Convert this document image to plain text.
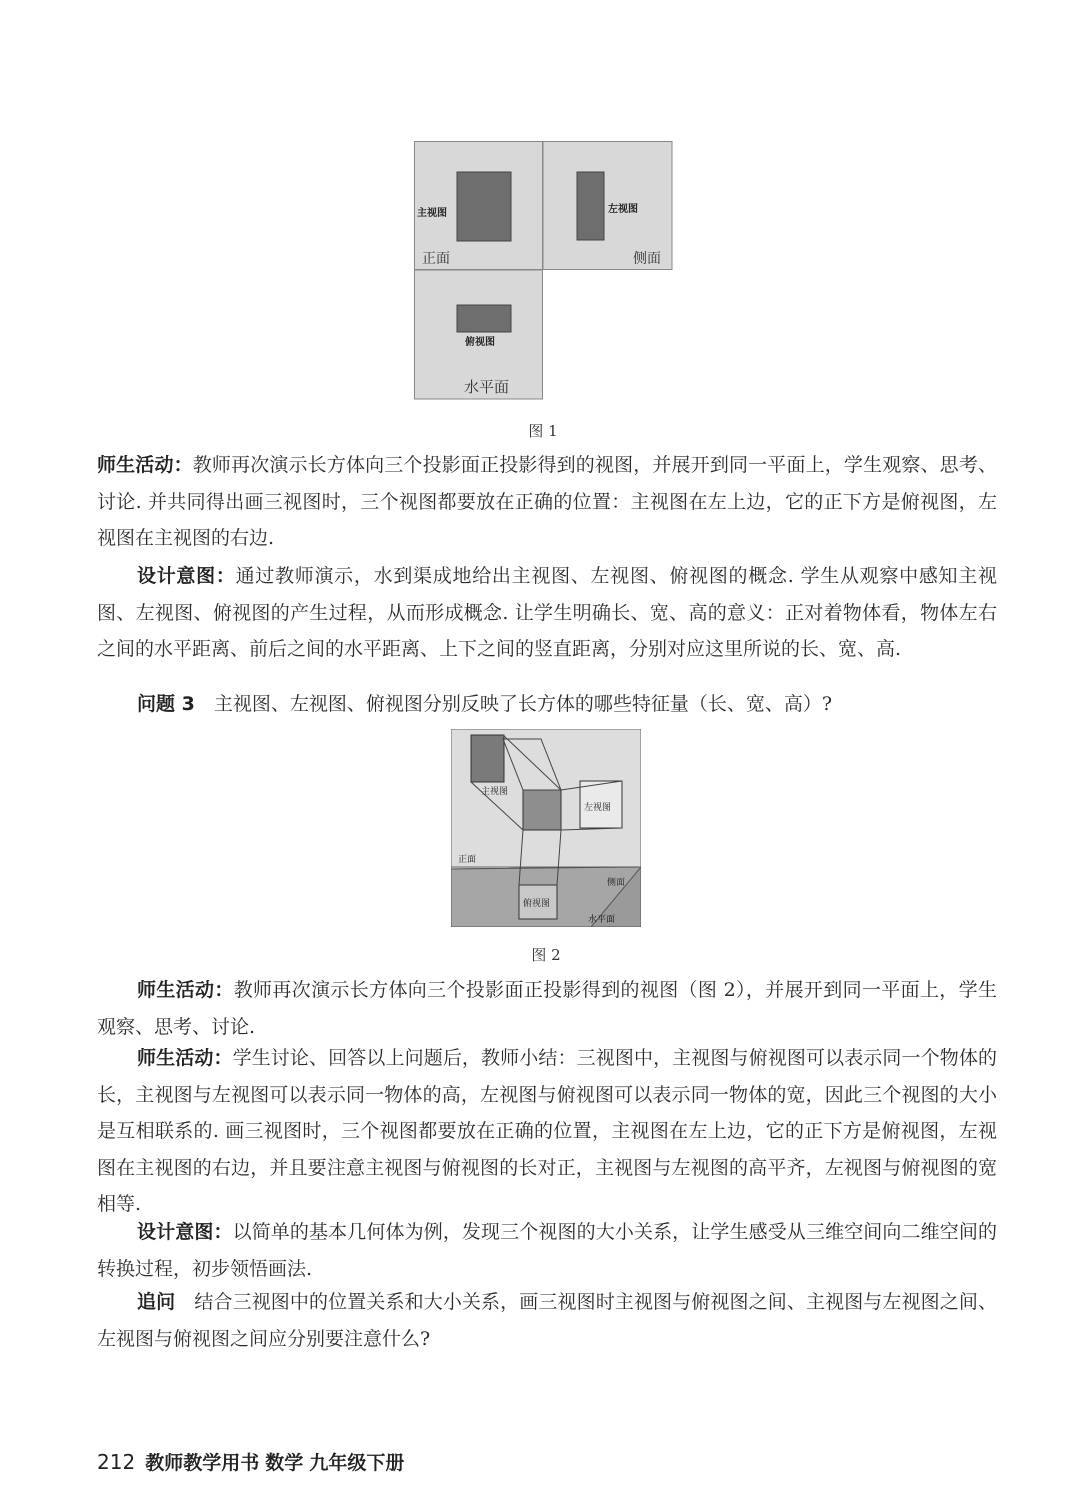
主视图	左视图
俯视图
正面	侧面
水平面
图 1

师生活动：教师再次演示长方体向三个投影面正投影得到的视图，并展开到同一平面上，学生观察、思考、讨论. 并共同得出画三视图时，三个视图都要放在正确的位置：主视图在左上边，它的正下方是俯视图，左视图在主视图的右边.

设计意图：通过教师演示，水到渠成地给出主视图、左视图、俯视图的概念. 学生从观察中感知主视图、左视图、俯视图的产生过程，从而形成概念. 让学生明确长、宽、高的意义：正对着物体看，物体左右之间的水平距离、前后之间的水平距离、上下之间的竖直距离，分别对应这里所说的长、宽、高.

问题 3　 主视图、左视图、俯视图分别反映了长方体的哪些特征量（长、宽、高）?

主视图
左视图
俯视图
正面
侧面
水平面
图 2

师生活动：教师再次演示长方体向三个投影面正投影得到的视图（图 2），并展开到同一平面上，学生观察、思考、讨论.

师生活动：学生讨论、回答以上问题后，教师小结：三视图中，主视图与俯视图可以表示同一个物体的长，主视图与左视图可以表示同一物体的高，左视图与俯视图可以表示同一物体的宽，因此三个视图的大小是互相联系的. 画三视图时，三个视图都要放在正确的位置，主视图在左上边，它的正下方是俯视图，左视图在主视图的右边，并且要注意主视图与俯视图的长对正，主视图与左视图的高平齐，左视图与俯视图的宽相等.

设计意图：以简单的基本几何体为例，发现三个视图的大小关系，让学生感受从三维空间向二维空间的转换过程，初步领悟画法.

追问　 结合三视图中的位置关系和大小关系，画三视图时主视图与俯视图之间、主视图与左视图之间、左视图与俯视图之间应分别要注意什么?

212 教师教学用书 数学 九年级下册
